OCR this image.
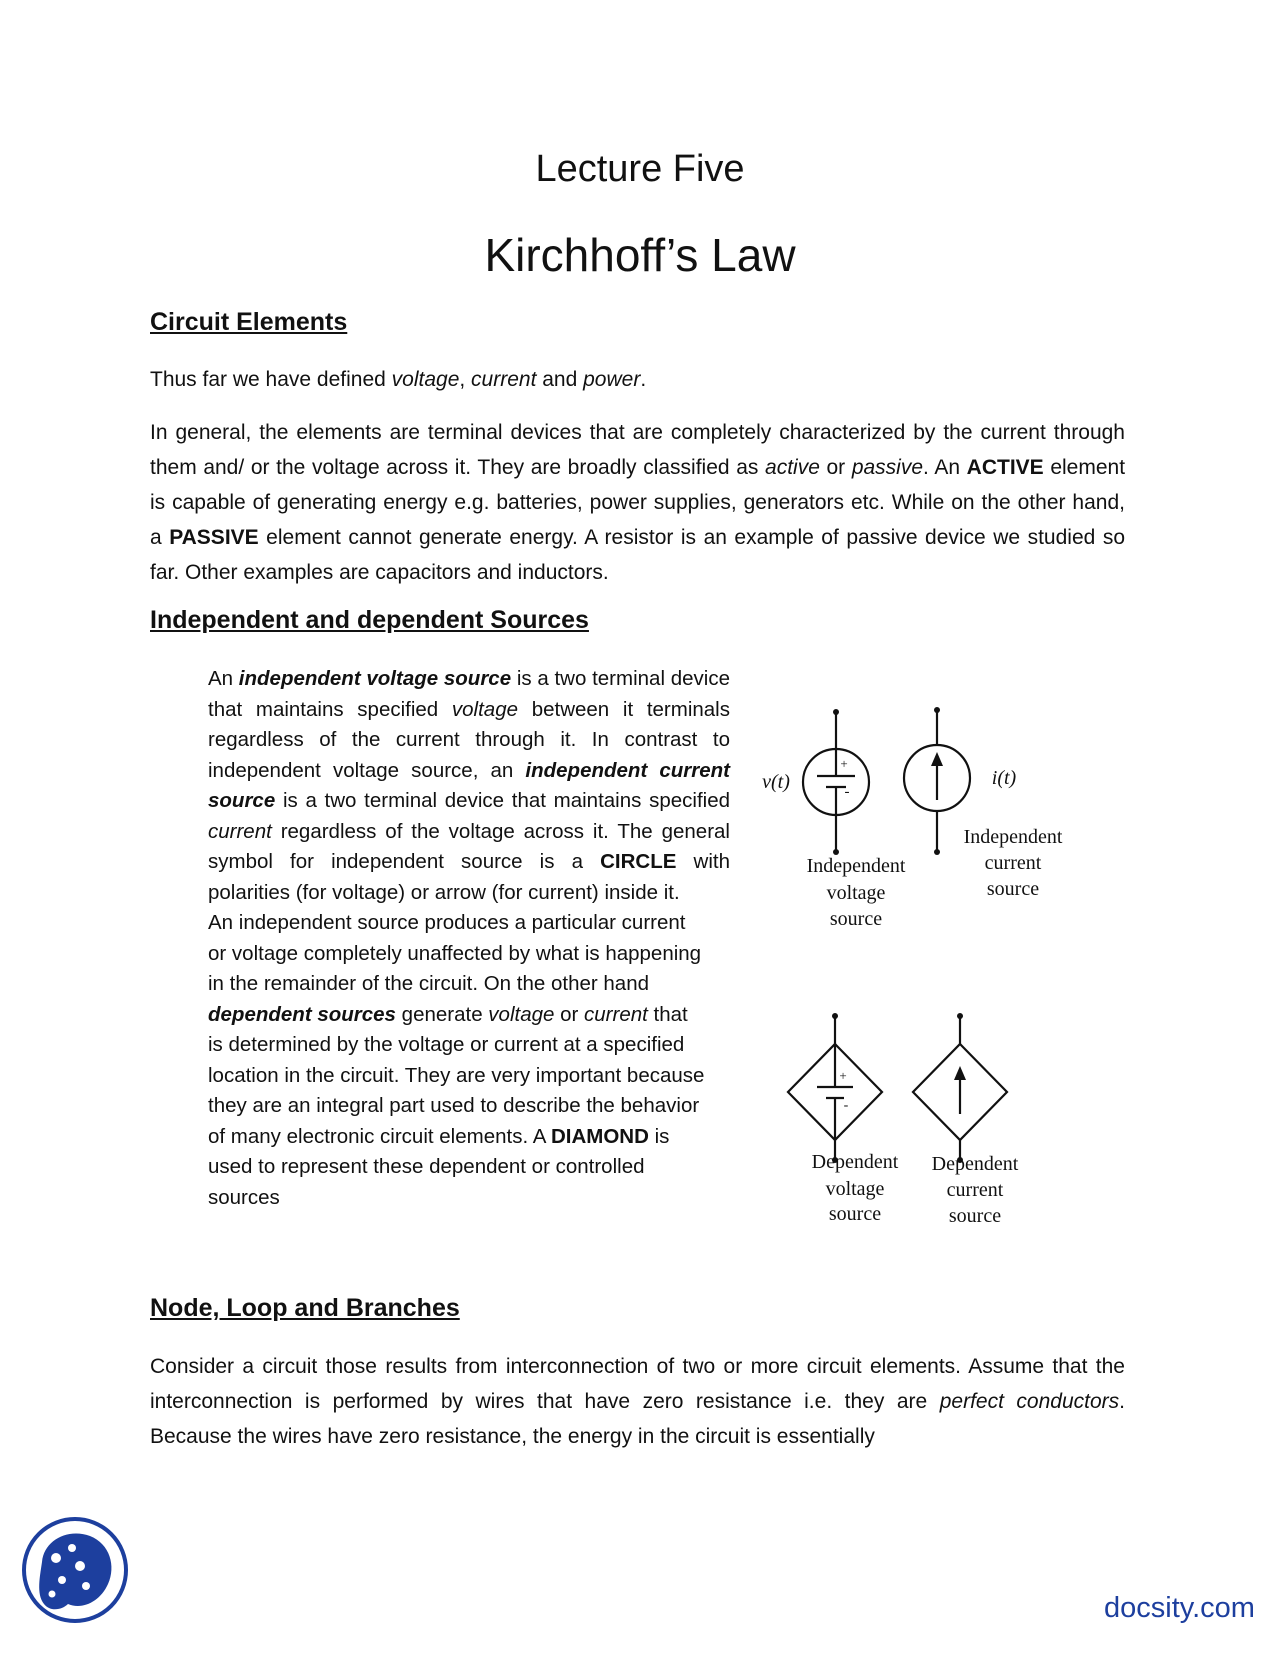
Lecture Five
Kirchhoff’s Law
Circuit Elements
Thus far we have defined voltage, current and power.
In general, the elements are terminal devices that are completely characterized by the current through them and/ or the voltage across it. They are broadly classified as active or passive. An ACTIVE element is capable of generating energy e.g. batteries, power supplies, generators etc. While on the other hand, a PASSIVE element cannot generate energy. A resistor is an example of passive device we studied so far. Other examples are capacitors and inductors.
Independent and dependent Sources
An independent voltage source is a two terminal device that maintains specified voltage between it terminals regardless of the current through it. In contrast to independent voltage source, an independent current source is a two terminal device that maintains specified current regardless of the voltage across it. The general symbol for independent source is a CIRCLE with polarities (for voltage) or arrow (for current) inside it.
An independent source produces a particular current or voltage completely unaffected by what is happening in the remainder of the circuit. On the other hand dependent sources generate voltage or current that is determined by the voltage or current at a specified location in the circuit. They are very important because they are an integral part used to describe the behavior of many electronic circuit elements. A DIAMOND is used to represent these dependent or controlled sources
+
-
v(t)
Independent
voltage
source
i(t)
Independent
current
source
+
-
Dependent
voltage
source
Dependent
current
source
Node, Loop and Branches
Consider a circuit those results from interconnection of two or more circuit elements. Assume that the interconnection is performed by wires that have zero resistance i.e. they are perfect conductors. Because the wires have zero resistance, the energy in the circuit is essentially
docsity.com
